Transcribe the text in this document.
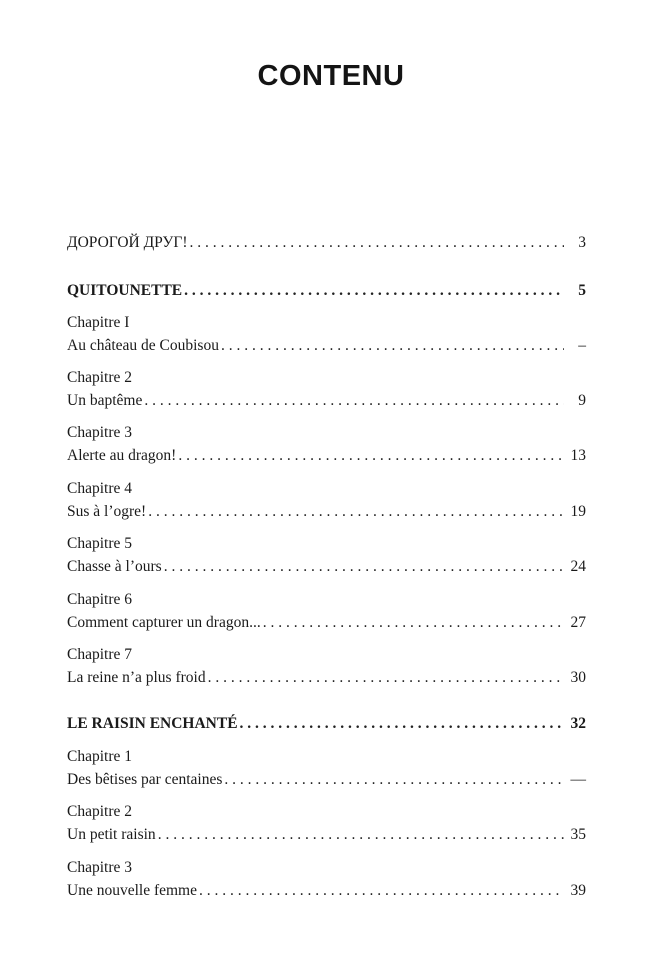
CONTENU
ДОРОГОЙ ДРУГ! . . .	3
QUITOUNETTE . . .	5
Chapitre I
Au château de Coubisou . . .	–
Chapitre 2
Un baptême . . .	9
Chapitre 3
Alerte au dragon! . . .	13
Chapitre 4
Sus à l’ogre! . . .	19
Chapitre 5
Chasse à l’ours . . .	24
Chapitre 6
Comment capturer un dragon... . . .	27
Chapitre 7
La reine n’a plus froid . . .	30
LE RAISIN ENCHANTÉ . . .	32
Chapitre 1
Des bêtises par centaines . . .	—
Chapitre 2
Un petit raisin . . .	35
Chapitre 3
Une nouvelle femme . . .	39
